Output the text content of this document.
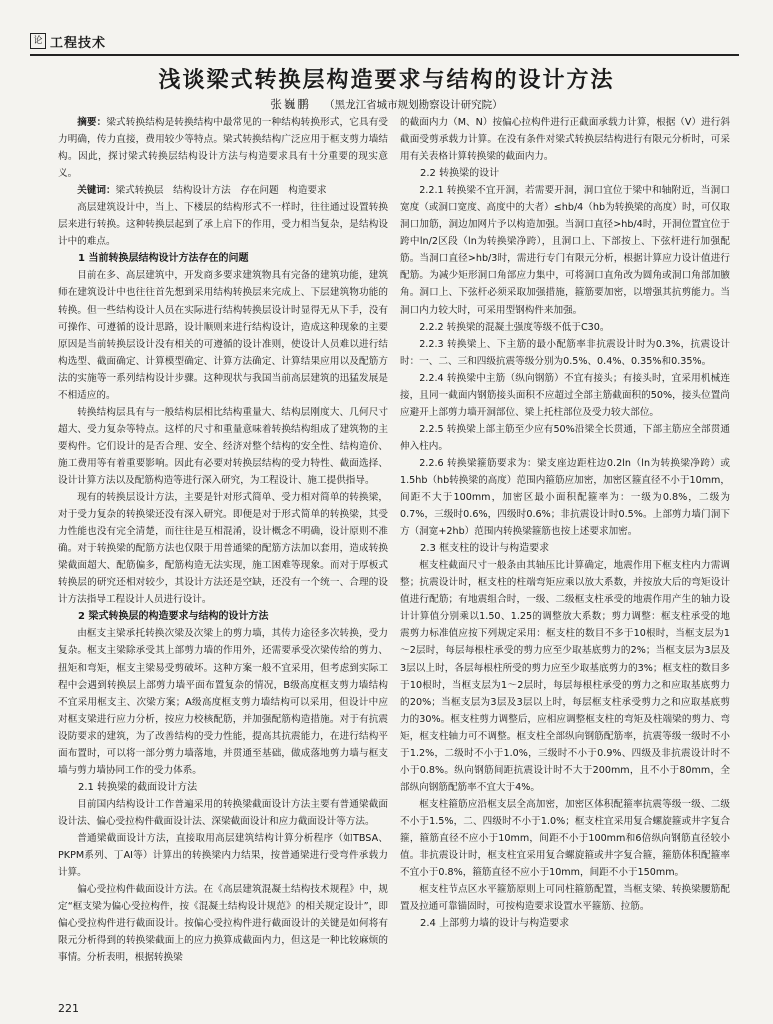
论 工程技术
浅谈梁式转换层构造要求与结构的设计方法
张巍鹏 （黑龙江省城市规划勘察设计研究院）

摘要：梁式转换结构是转换结构中最常见的一种结构转换形式，它具有受力明确，传力直接，费用较少等特点。梁式转换结构广泛应用于框支剪力墙结构。因此，探讨梁式转换层结构设计方法与构造要求具有十分重要的现实意义。

关键词：梁式转换层　结构设计方法　存在问题　构造要求

高层建筑设计中，当上、下楼层的结构形式不一样时，往往通过设置转换层来进行转换。这种转换层起到了承上启下的作用，受力相当复杂，是结构设计中的难点。

1 当前转换层结构设计方法存在的问题

目前在多、高层建筑中，开发商多要求建筑物具有完备的建筑功能，建筑师在建筑设计中也往往首先想到采用结构转换层来完成上、下层建筑物功能的转换。但一些结构设计人员在实际进行结构转换层设计时显得无从下手，没有可操作、可遵循的设计思路，设计顺则来进行结构设计，造成这种现象的主要原因是当前转换层设计没有相关的可遵循的设计准则，使设计人员难以进行结构选型、截面确定、计算模型确定、计算方法确定、计算结果应用以及配筋方法的实施等一系列结构设计步骤。这种现状与我国当前高层建筑的迅猛发展是不相适应的。

转换结构层具有与一般结构层相比结构重量大、结构层刚度大、几何尺寸超大、受力复杂等特点。这样的尺寸和重量意味着转换结构组成了建筑物的主要构件。它们设计的是否合理、安全、经济对整个结构的安全性、结构造价、施工费用等有着重要影响。因此有必要对转换层结构的受力特性、截面选择、设计计算方法以及配筋构造等进行深入研究，为工程设计、施工提供指导。

现有的转换层设计方法，主要是针对形式简单、受力相对简单的转换梁，对于受力复杂的转换梁还没有深入研究。即便是对于形式简单的转换梁，其受力性能也没有完全清楚，而往往是互相混淆，设计概念不明确，设计原则不准确。对于转换梁的配筋方法也仅限于用普通梁的配筋方法加以套用，造成转换梁截面超大、配筋偏多，配筋构造无法实现，施工困难等现象。而对于厚板式转换层的研究还相对较少，其设计方法还是空缺，还没有一个统一、合理的设计方法指导工程设计人员进行设计。

2 梁式转换层的构造要求与结构的设计方法

由框支主梁承托转换次梁及次梁上的剪力墙，其传力途径多次转换，受力复杂。框支主梁除承受其上部剪力墙的作用外，还需要承受次梁传给的剪力、扭矩和弯矩，框支主梁易受剪破坏。这种方案一般不宜采用，但考虑到实际工程中会遇到转换层上部剪力墙平面布置复杂的情况，B级高度框支剪力墙结构不宜采用框支主、次梁方案；A级高度框支剪力墙结构可以采用，但设计中应对框支梁进行应力分析，按应力校核配筋，并加强配筋构造措施。对于有抗震设防要求的建筑，为了改善结构的受力性能，提高其抗震能力，在进行结构平面布置时，可以将一部分剪力墙落地，并贯通至基础，做成落地剪力墙与框支墙与剪力墙协同工作的受力体系。

2.1 转换梁的截面设计方法

目前国内结构设计工作普遍采用的转换梁截面设计方法主要有普通梁截面设计法、偏心受拉构件截面设计法、深梁截面设计和应力截面设计等方法。

普通梁截面设计方法，直接取用高层建筑结构计算分析程序（如TBSA、PKPM系列、丁AI等）计算出的转换梁内力结果，按普通梁进行受弯件承载力计算。

偏心受拉构件截面设计方法。在《高层建筑混凝土结构技术规程》中，规定“框支梁为偏心受拉构件，按《混凝土结构设计规范》的相关规定设计”，即偏心受拉构件进行截面设计。按偏心受拉构件进行截面设计的关键是如何将有限元分析得到的转换梁截面上的应力换算成截面内力，但这是一种比较麻烦的事情。分析表明，根据转换梁

的截面内力（M、N）按偏心拉构件进行正截面承载力计算，根据（V）进行斜截面受剪承载力计算。在没有条件对梁式转换层结构进行有限元分析时，可采用有关表格计算转换梁的截面内力。

2.2 转换梁的设计

2.2.1 转换梁不宜开洞，若需要开洞，洞口宜位于梁中和轴附近，当洞口宽度（或洞口宽度、高度中的大者）≤hb/4（hb为转换梁的高度）时，可仅取洞口加筋，洞边加网片予以构造加强。当洞口直径>hb/4时，开洞位置宜位于跨中ln/2区段（ln为转换梁净跨），且洞口上、下部按上、下弦杆进行加强配筋。当洞口直径>hb/3时，需进行专门有限元分析，根据计算应力设计值进行配筋。为减少矩形洞口角部应力集中，可将洞口直角改为圆角或洞口角部加腋角。洞口上、下弦杆必须采取加强措施，箍筋要加密，以增强其抗剪能力。当洞口内力较大时，可采用型钢构件来加强。

2.2.2 转换梁的混凝土强度等级不低于C30。

2.2.3 转换梁上、下主筋的最小配筋率非抗震设计时为0.3%，抗震设计时：一、二、三和四级抗震等级分别为0.5%、0.4%、0.35%和0.35%。

2.2.4 转换梁中主筋（纵向钢筋）不宜有接头；有接头时，宜采用机械连接，且同一截面内钢筋接头面积不应超过全部主筋截面积的50%，接头位置尚应避开上部剪力墙开洞部位、梁上托柱部位及受力较大部位。

2.2.5 转换梁上部主筋至少应有50%沿梁全长贯通，下部主筋应全部贯通伸入柱内。

2.2.6 转换梁箍筋要求为：梁支座边距柱边0.2ln（ln为转换梁净跨）或1.5hb（hb转换梁的高度）范围内箍筋应加密，加密区箍直径不小于10mm，间距不大于100mm，加密区最小面积配箍率为：一级为0.8%，二级为0.7%，三级时0.6%，四级时0.6%；非抗震设计时0.5%。上部剪力墙门洞下方（洞宽+2hb）范围内转换梁箍筋也按上述要求加密。

2.3 框支柱的设计与构造要求

框支柱截面尺寸一般条由其轴压比计算确定，地震作用下框支柱内力需调整；抗震设计时，框支柱的柱端弯矩应乘以放大系数，并按放大后的弯矩设计值进行配筋；有地震组合时，一级、二级框支柱承受的地震作用产生的轴力设计计算值分别乘以1.50、1.25的调整放大系数；剪力调整：框支柱承受的地震剪力标准值应按下列规定采用：框支柱的数目不多于10根时，当框支层为1～2层时，每层每根柱承受的剪力应至少取基底剪力的2%；当框支层为3层及3层以上时，各层每根柱所受的剪力应至少取基底剪力的3%；框支柱的数目多于10根时，当框支层为1～2层时，每层每根柱承受的剪力之和应取基底剪力的20%；当框支层为3层及3层以上时，每层框支柱承受剪力之和应取基底剪力的30%。框支柱剪力调整后，应相应调整框支柱的弯矩及柱端梁的剪力、弯矩，框支柱轴力可不调整。框支柱全部纵向钢筋配筋率，抗震等级一级时不小于1.2%，二级时不小于1.0%，三级时不小于0.9%、四级及非抗震设计时不小于0.8%。纵向钢筋间距抗震设计时不大于200mm，且不小于80mm，全部纵向钢筋配筋率不宜大于4%。

框支柱箍筋应沿框支层全高加密，加密区体积配箍率抗震等级一级、二级不小于1.5%，二、四级时不小于1.0%；框支柱宜采用复合螺旋箍或井字复合箍，箍筋直径不应小于10mm，间距不小于100mm和6倍纵向钢筋直径较小值。非抗震设计时，框支柱宜采用复合螺旋箍或井字复合箍，箍筋体积配箍率不宜小于0.8%，箍筋直径不应小于10mm，间距不小于150mm。

框支柱节点区水平箍筋原则上可同柱箍筋配置，当框支梁、转换梁腰筋配置及拉通可靠锚固时，可按构造要求设置水平箍筋、拉筋。

2.4 上部剪力墙的设计与构造要求
221
